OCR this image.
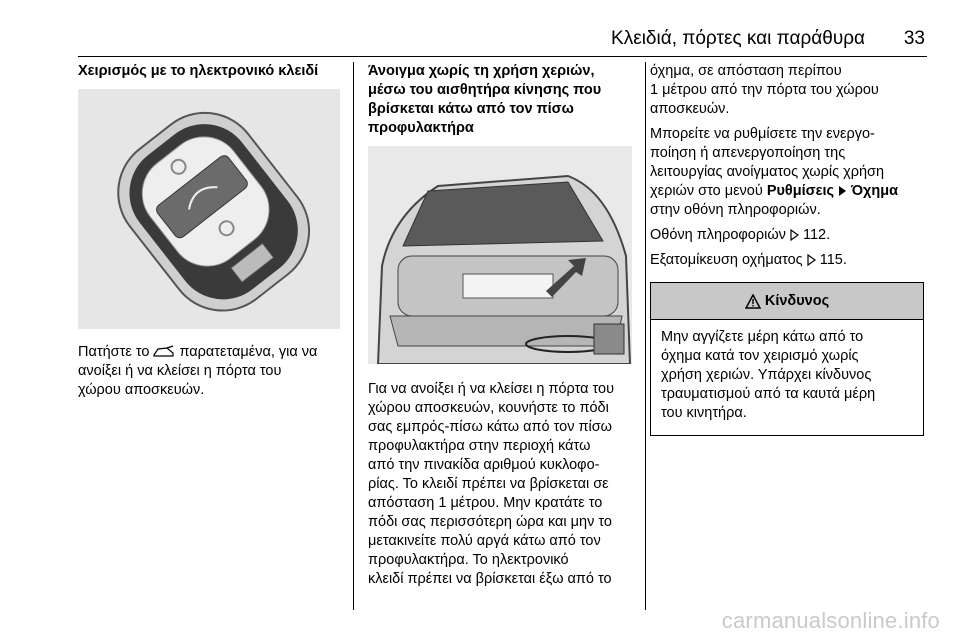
Κλειδιά, πόρτες και παράθυρα 33

Χειρισμός με το ηλεκτρονικό κλειδί

Πατήστε το  παρατεταμένα, για να
ανοίξει ή να κλείσει η πόρτα του
χώρου αποσκευών.

Άνοιγμα χωρίς τη χρήση χεριών,
μέσω του αισθητήρα κίνησης που
βρίσκεται κάτω από τον πίσω
προφυλακτήρα

Για να ανοίξει ή να κλείσει η πόρτα του
χώρου αποσκευών, κουνήστε το πόδι
σας εμπρός-πίσω κάτω από τον πίσω
προφυλακτήρα στην περιοχή κάτω
από την πινακίδα αριθμού κυκλοφο-
ρίας. Το κλειδί πρέπει να βρίσκεται σε
απόσταση 1 μέτρου. Μην κρατάτε το
πόδι σας περισσότερη ώρα και μην το
μετακινείτε πολύ αργά κάτω από τον
προφυλακτήρα. Το ηλεκτρονικό
κλειδί πρέπει να βρίσκεται έξω από το

όχημα, σε απόσταση περίπου
1 μέτρου από την πόρτα του χώρου
αποσκευών.

Μπορείτε να ρυθμίσετε την ενεργο-
ποίηση ή απενεργοποίηση της
λειτουργίας ανοίγματος χωρίς χρήση
χεριών στο μενού Ρυθμίσεις Όχημα
στην οθόνη πληροφοριών.

Οθόνη πληροφοριών  112.

Εξατομίκευση οχήματος  115.

Κίνδυνος
Μην αγγίζετε μέρη κάτω από το
όχημα κατά τον χειρισμό χωρίς
χρήση χεριών. Υπάρχει κίνδυνος
τραυματισμού από τα καυτά μέρη
του κινητήρα.
carmanualsonline.info
